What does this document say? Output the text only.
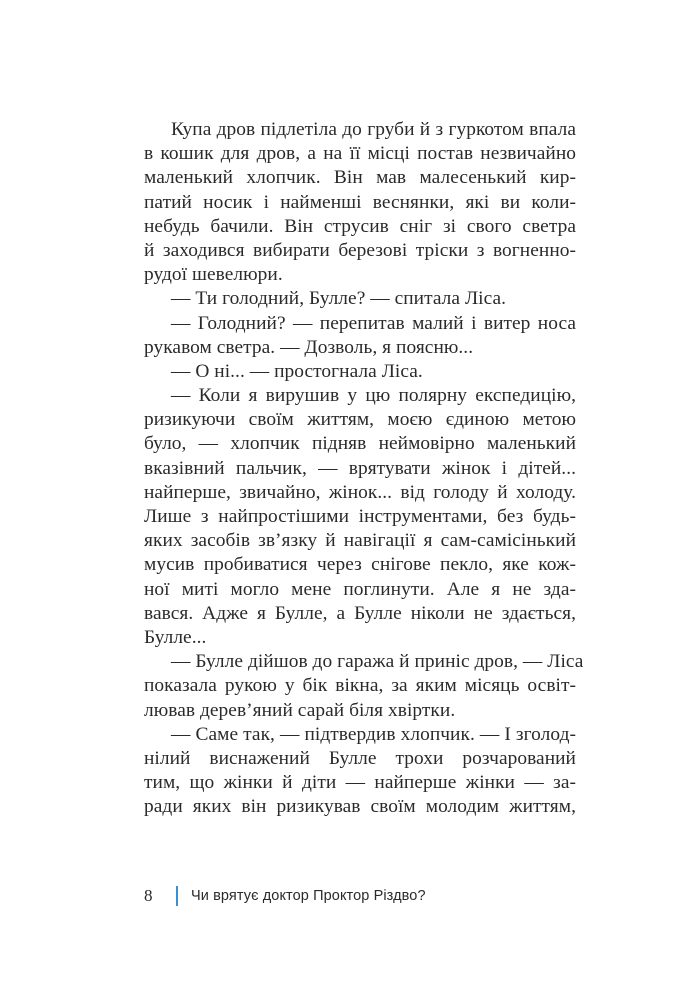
Купа дров підлетіла до груби й з гуркотом впала
в кошик для дров, а на її місці постав незвичайно
маленький хлопчик. Він мав малесенький кир-
патий носик і найменші веснянки, які ви коли-
небудь бачили. Він струсив сніг зі свого светра
й заходився вибирати березові тріски з вогненно-
рудої шевелюри.
— Ти голодний, Булле? — спитала Ліса.
— Голодний? — перепитав малий і витер носа
рукавом светра. — Дозволь, я поясню...
— О ні... — простогнала Ліса.
— Коли я вирушив у цю полярну експедицію,
ризикуючи своїм життям, моєю єдиною метою
було, — хлопчик підняв неймовірно маленький
вказівний пальчик, — врятувати жінок і дітей...
найперше, звичайно, жінок... від голоду й холоду.
Лише з найпростішими інструментами, без будь-
яких засобів зв’язку й навігації я сам-самісінький
мусив пробиватися через снігове пекло, яке кож-
ної миті могло мене поглинути. Але я не зда-
вався. Адже я Булле, а Булле ніколи не здається,
Булле...
— Булле дійшов до гаража й приніс дров, — Ліса
показала рукою у бік вікна, за яким місяць освіт-
лював дерев’яний сарай біля хвіртки.
— Саме так, — підтвердив хлопчик. — І зголод-
нілий виснажений Булле трохи розчарований
тим, що жінки й діти — найперше жінки — за-
ради яких він ризикував своїм молодим життям,
8	Чи врятує доктор Проктор Різдво?
